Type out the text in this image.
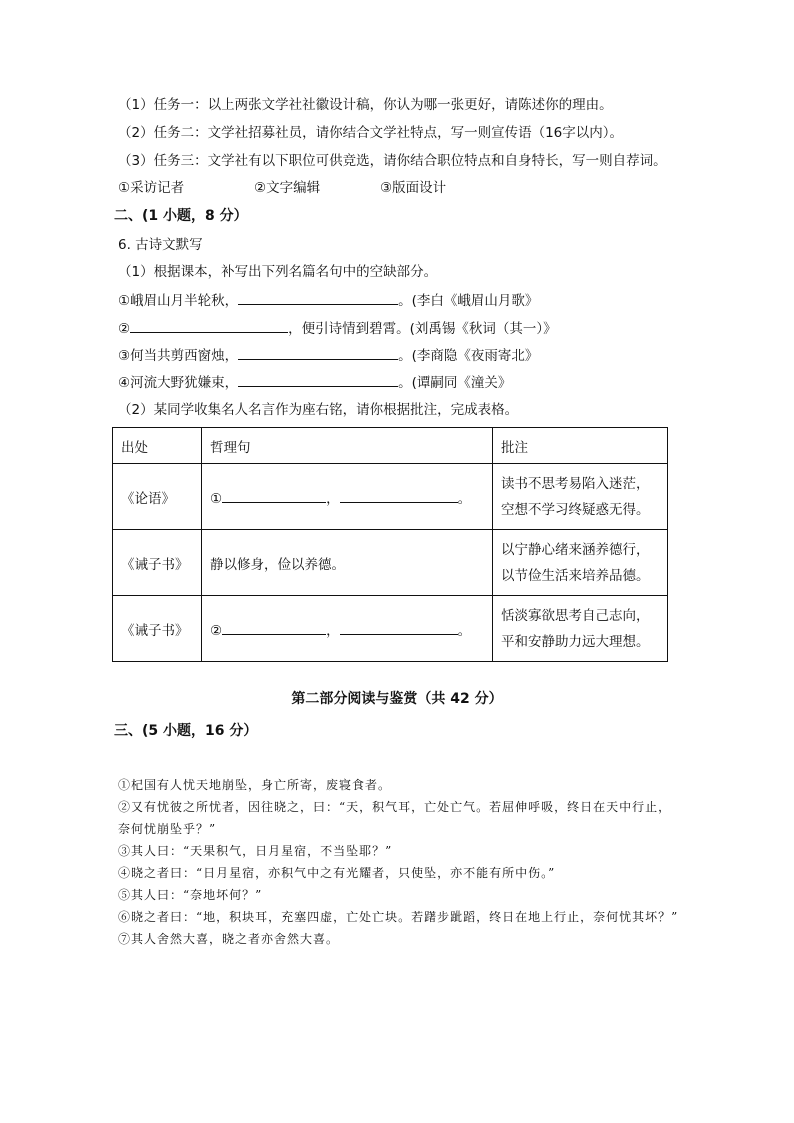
（1）任务一：以上两张文学社社徽设计稿，你认为哪一张更好，请陈述你的理由。
（2）任务二：文学社招募社员，请你结合文学社特点，写一则宣传语（16字以内）。
（3）任务三：文学社有以下职位可供竞选，请你结合职位特点和自身特长，写一则自荐词。
①采访记者	②文字编辑	③版面设计
二、(1 小题，8 分）
6. 古诗文默写
（1）根据课本，补写出下列名篇名句中的空缺部分。
①峨眉山月半轮秋，	。(李白《峨眉山月歌》
②	，便引诗情到碧霄。(刘禹锡《秋词（其一）》
③何当共剪西窗烛，	。(李商隐《夜雨寄北》
④河流大野犹嫌束，	。(谭嗣同《潼关》
（2）某同学收集名人名言作为座右铭，请你根据批注，完成表格。
出处	哲理句	批注
《论语》	① ， 。	读书不思考易陷入迷茫，
空想不学习终疑惑无得。

《诫子书》	静以修身，俭以养德。	以宁静心绪来涵养德行，
以节俭生活来培养品德。

《诫子书》	② ， 。	恬淡寡欲思考自己志向，
平和安静助力远大理想。
第二部分阅读与鉴赏（共 42 分）
三、(5 小题，16 分）

①杞国有人忧天地崩坠，身亡所寄，废寝食者。

②又有忧彼之所忧者，因往晓之，曰：“天，积气耳，亡处亡气。若屈伸呼吸，终日在天中行止，奈何忧崩坠乎？”

③其人曰：“天果积气，日月星宿，不当坠耶？”

④晓之者曰：“日月星宿，亦积气中之有光耀者，只使坠，亦不能有所中伤。”

⑤其人曰：“奈地坏何？”

⑥晓之者曰：“地，积块耳，充塞四虚，亡处亡块。若躇步跐蹈，终日在地上行止，奈何忧其坏？”

⑦其人舍然大喜，晓之者亦舍然大喜。
